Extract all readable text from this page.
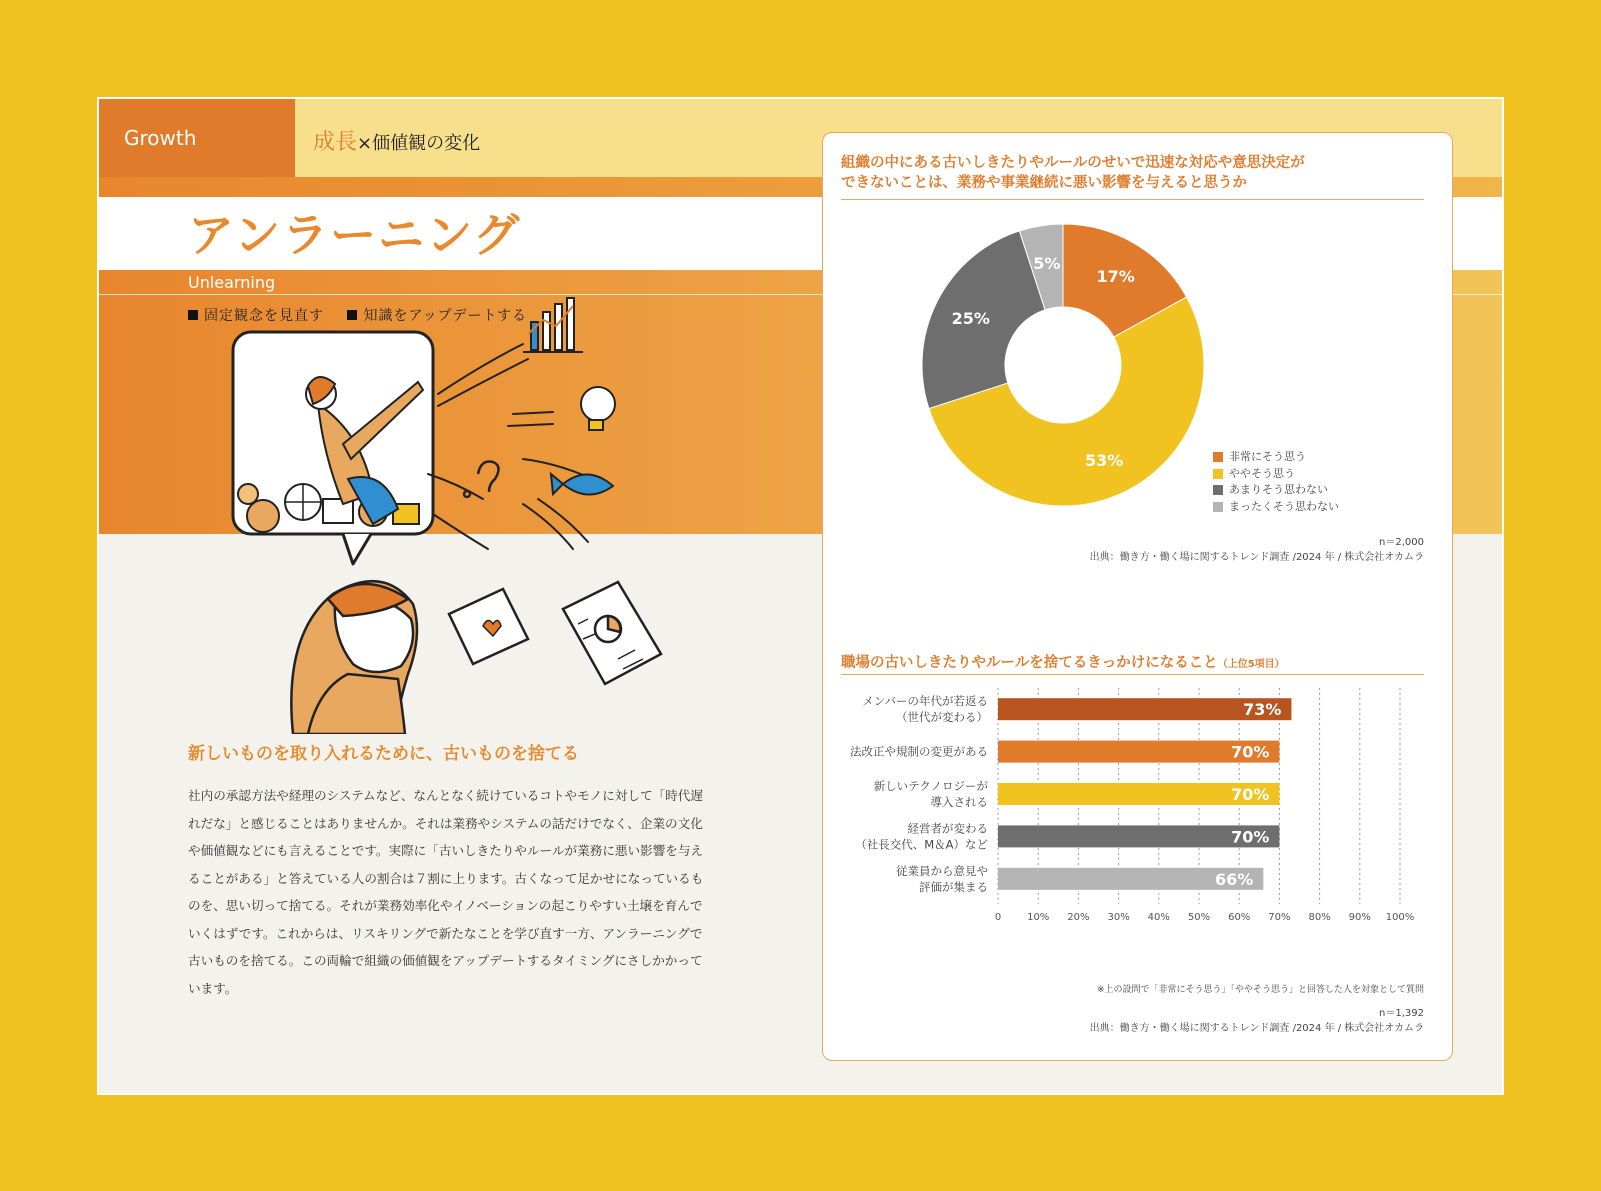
Growth	成長×価値観の変化
アンラーニング
Unlearning
固定観念を見直す	知識をアップデートする
新しいものを取り入れるために、古いものを捨てる
社内の承認方法や経理のシステムなど、なんとなく続けているコトやモノに対して「時代遅れだな」と感じることはありませんか。それは業務やシステムの話だけでなく、企業の文化や価値観などにも言えることです。実際に「古いしきたりやルールが業務に悪い影響を与えることがある」と答えている人の割合は７割に上ります。古くなって足かせになっているものを、思い切って捨てる。それが業務効率化やイノベーションの起こりやすい土壌を育んでいくはずです。これからは、リスキリングで新たなことを学び直す一方、アンラーニングで古いものを捨てる。この両輪で組織の価値観をアップデートするタイミングにさしかかっています。
組織の中にある古いしきたりやルールのせいで迅速な対応や意思決定が
できないことは、業務や事業継続に悪い影響を与えると思うか
17%
53%
25%
5%
非常にそう思う
ややそう思う
あまりそう思わない
まったくそう思わない
n＝2,000
出典：働き方・働く場に関するトレンド調査 /2024 年 / 株式会社オカムラ
職場の古いしきたりやルールを捨てるきっかけになること（上位5項目）
0	10% 20% 30% 40% 50% 60% 70% 80% 90% 100%
73%
メンバーの年代が若返る
（世代が変わる）
70%
法改正や規制の変更がある
70%
新しいテクノロジーが
導入される
70%
経営者が変わる
（社長交代、M＆A）など
66%
従業員から意見や
評価が集まる
※上の設問で「非常にそう思う」「ややそう思う」と回答した人を対象として質問
n＝1,392
出典：働き方・働く場に関するトレンド調査 /2024 年 / 株式会社オカムラ
